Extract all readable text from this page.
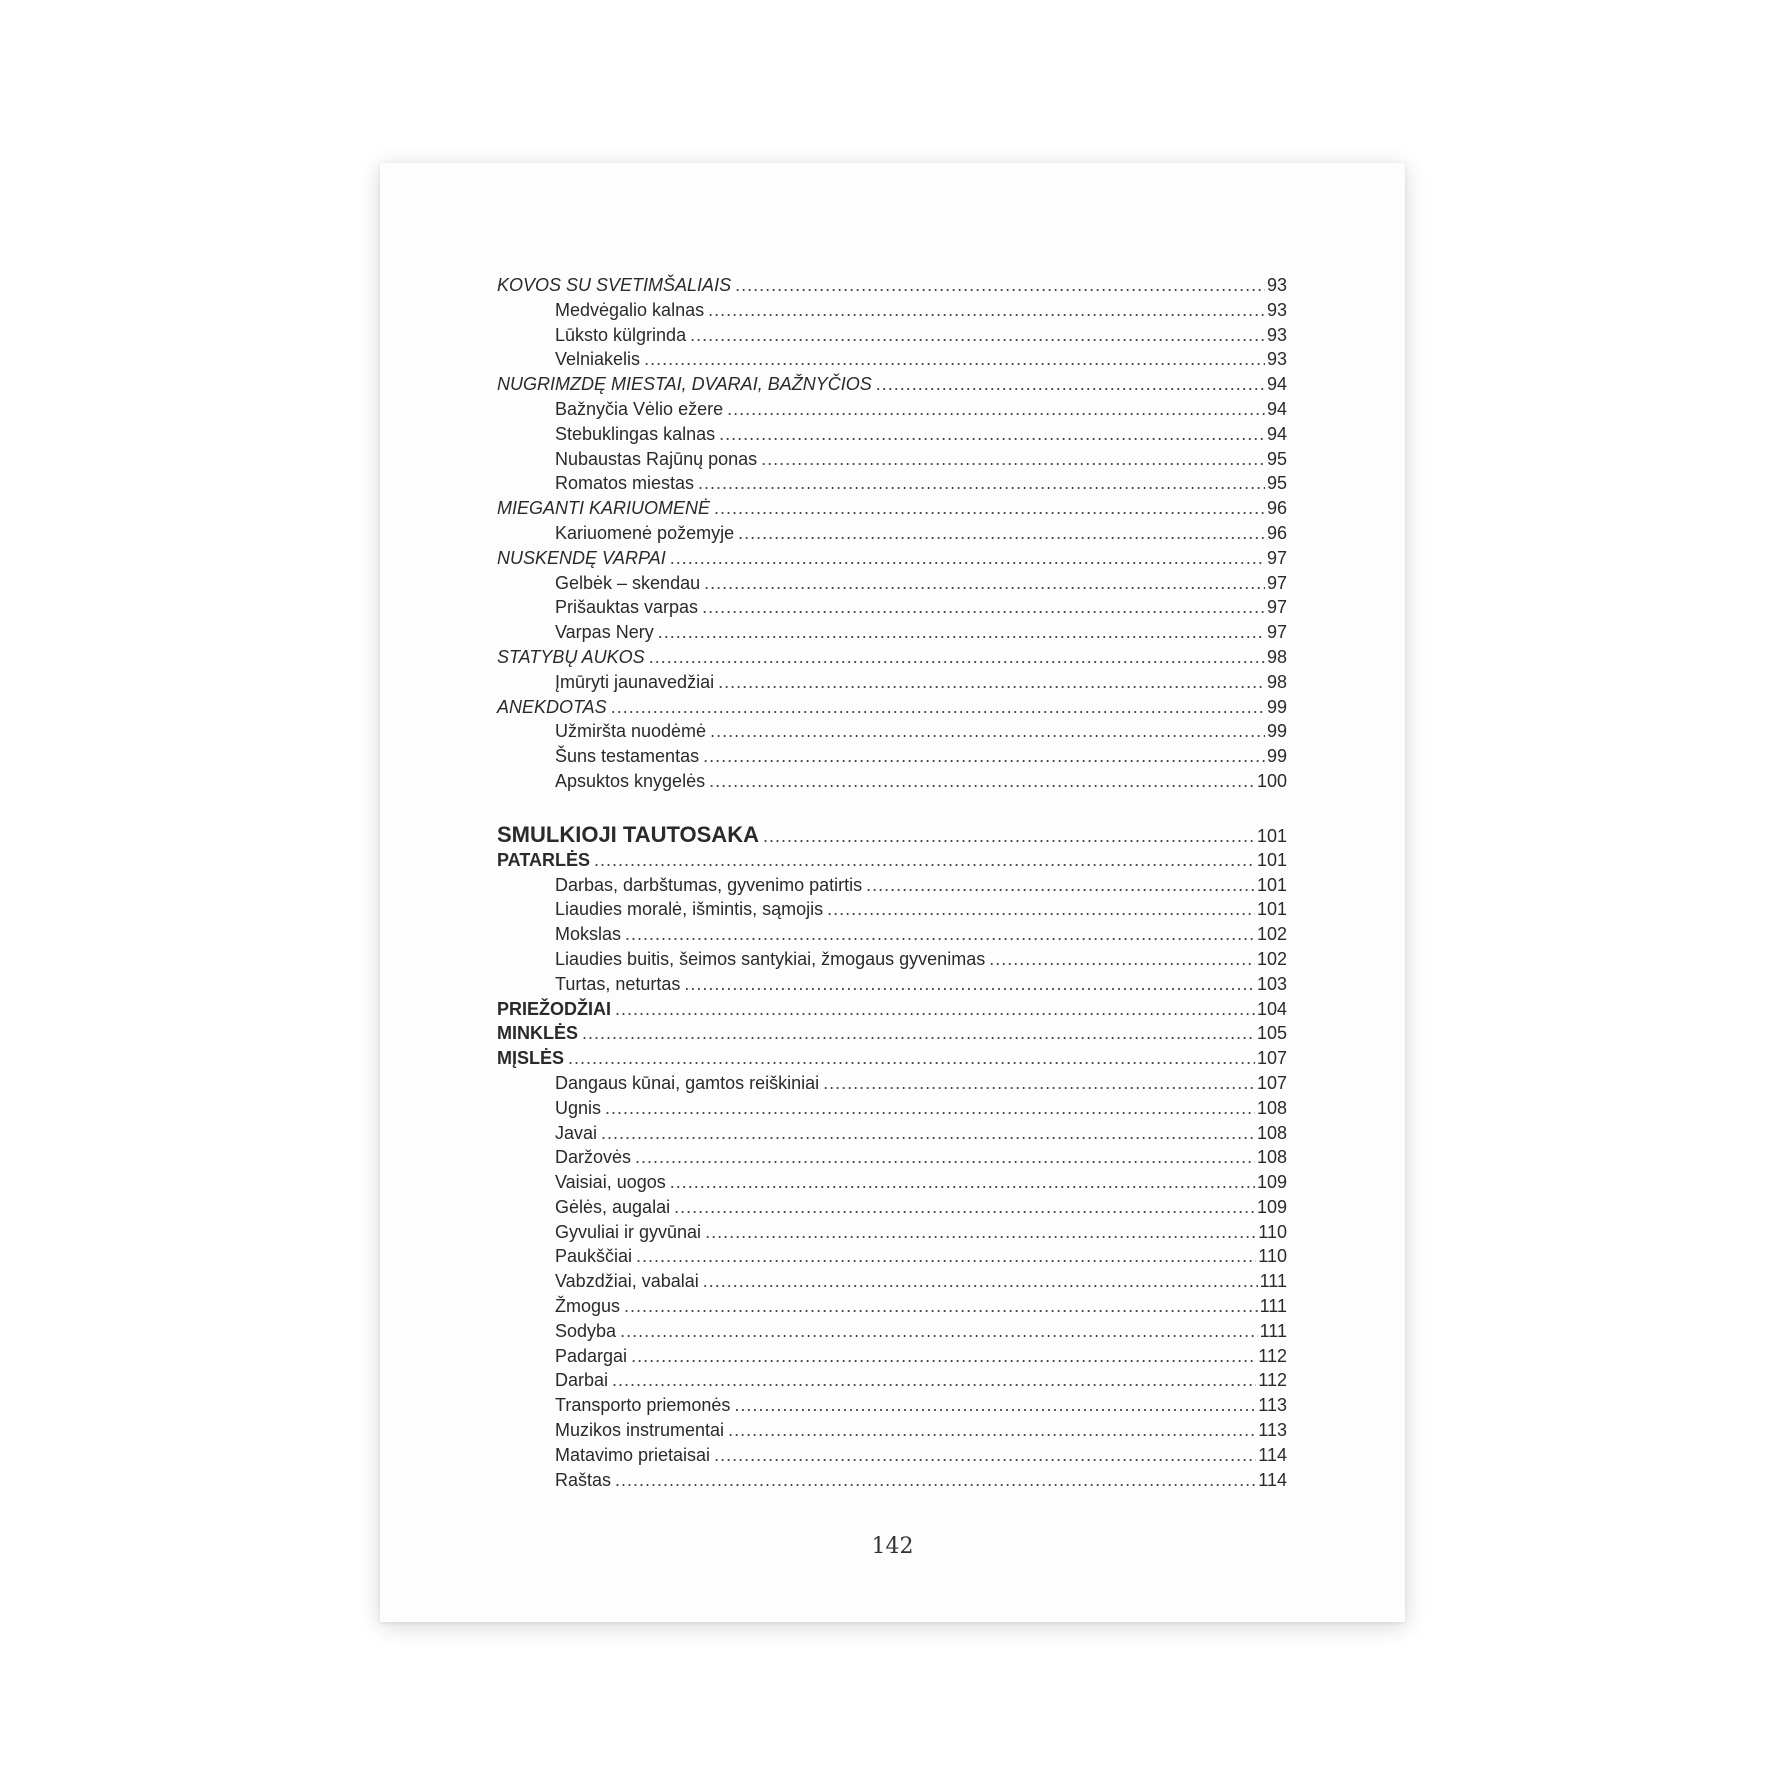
KOVOS SU SVETIMŠALIAIS .....	93
Medvėgalio kalnas .....	93
Lūksto külgrinda .....	93
Velniakelis .....	93
NUGRIMZDĘ MIESTAI, DVARAI, BAŽNYČIOS .....	94
Bažnyčia Vėlio ežere .....	94
Stebuklingas kalnas .....	94
Nubaustas Rajūnų ponas .....	95
Romatos miestas .....	95
MIEGANTI KARIUOMENĖ .....	96
Kariuomenė požemyje .....	96
NUSKENDĘ VARPAI .....	97
Gelbėk – skendau .....	97
Prišauktas varpas .....	97
Varpas Nery .....	97
STATYBŲ AUKOS .....	98
Įmūryti jaunavedžiai .....	98
ANEKDOTAS .....	99
Užmiršta nuodėmė .....	99
Šuns testamentas .....	99
Apsuktos knygelės .....	100
SMULKIOJI TAUTOSAKA .....	101
PATARLĖS .....	101
Darbas, darbštumas, gyvenimo patirtis .....	101
Liaudies moralė, išmintis, sąmojis .....	101
Mokslas .....	102
Liaudies buitis, šeimos santykiai, žmogaus gyvenimas .....	102
Turtas, neturtas .....	103
PRIEŽODŽIAI .....	104
MINKLĖS .....	105
MĮSLĖS .....	107
Dangaus kūnai, gamtos reiškiniai .....	107
Ugnis .....	108
Javai .....	108
Daržovės .....	108
Vaisiai, uogos .....	109
Gėlės, augalai .....	109
Gyvuliai ir gyvūnai .....	110
Paukščiai .....	110
Vabzdžiai, vabalai .....	111
Žmogus .....	111
Sodyba .....	111
Padargai .....	112
Darbai .....	112
Transporto priemonės .....	113
Muzikos instrumentai .....	113
Matavimo prietaisai .....	114
Raštas .....	114
142
